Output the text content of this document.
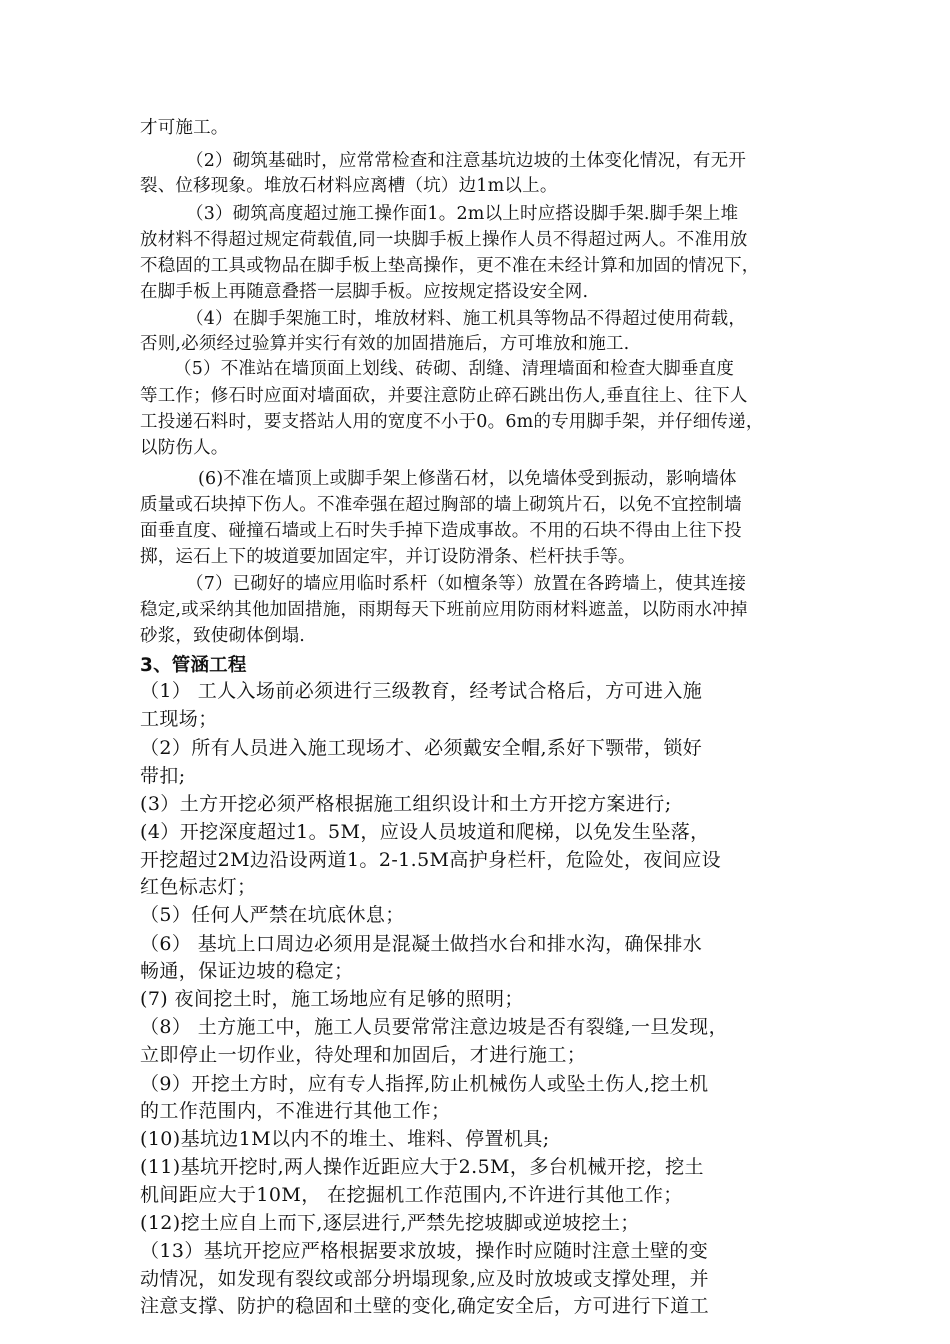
才可施工。
（2）砌筑基础时，应常常检查和注意基坑边坡的土体变化情况，有无开
裂、位移现象。堆放石材料应离槽（坑）边1m以上。
（3）砌筑高度超过施工操作面1。2m以上时应搭设脚手架.脚手架上堆
放材料不得超过规定荷载值,同一块脚手板上操作人员不得超过两人。不准用放
不稳固的工具或物品在脚手板上垫高操作，更不准在未经计算和加固的情况下，
在脚手板上再随意叠搭一层脚手板。应按规定搭设安全网.
（4）在脚手架施工时，堆放材料、施工机具等物品不得超过使用荷载，
否则,必须经过验算并实行有效的加固措施后，方可堆放和施工.
（5）不准站在墙顶面上划线、砖砌、刮缝、清理墙面和检查大脚垂直度
等工作；修石时应面对墙面砍，并要注意防止碎石跳出伤人,垂直往上、往下人
工投递石料时，要支搭站人用的宽度不小于0。6m的专用脚手架，并仔细传递，
以防伤人。
(6)不准在墙顶上或脚手架上修凿石材，以免墙体受到振动，影响墙体
质量或石块掉下伤人。不准牵强在超过胸部的墙上砌筑片石，以免不宜控制墙
面垂直度、碰撞石墙或上石时失手掉下造成事故。不用的石块不得由上往下投
掷，运石上下的坡道要加固定牢，并订设防滑条、栏杆扶手等。
（7）已砌好的墙应用临时系杆（如檀条等）放置在各跨墙上，使其连接
稳定,或采纳其他加固措施，雨期每天下班前应用防雨材料遮盖，以防雨水冲掉
砂浆，致使砌体倒塌.
3、管涵工程
（1） 工人入场前必须进行三级教育，经考试合格后，方可进入施
工现场；
（2）所有人员进入施工现场才、必须戴安全帽,系好下颚带，锁好
带扣;
(3）土方开挖必须严格根据施工组织设计和土方开挖方案进行;
(4）开挖深度超过1。5M，应设人员坡道和爬梯，以免发生坠落，
开挖超过2M边沿设两道1。2-1.5M高护身栏杆，危险处，夜间应设
红色标志灯；
（5）任何人严禁在坑底休息；
（6） 基坑上口周边必须用是混凝土做挡水台和排水沟，确保排水
畅通，保证边坡的稳定；
(7) 夜间挖土时，施工场地应有足够的照明；
（8） 土方施工中，施工人员要常常注意边坡是否有裂缝,一旦发现，
立即停止一切作业，待处理和加固后，才进行施工；
（9）开挖土方时，应有专人指挥,防止机械伤人或坠土伤人,挖土机
的工作范围内，不准进行其他工作；
(10)基坑边1M以内不的堆土、堆料、停置机具;
(11)基坑开挖时,两人操作近距应大于2.5M，多台机械开挖，挖土
机间距应大于10M， 在挖掘机工作范围内,不许进行其他工作；
(12)挖土应自上而下,逐层进行,严禁先挖坡脚或逆坡挖土；
（13）基坑开挖应严格根据要求放坡，操作时应随时注意土壁的变
动情况，如发现有裂纹或部分坍塌现象,应及时放坡或支撑处理，并
注意支撑、防护的稳固和土壁的变化,确定安全后，方可进行下道工
